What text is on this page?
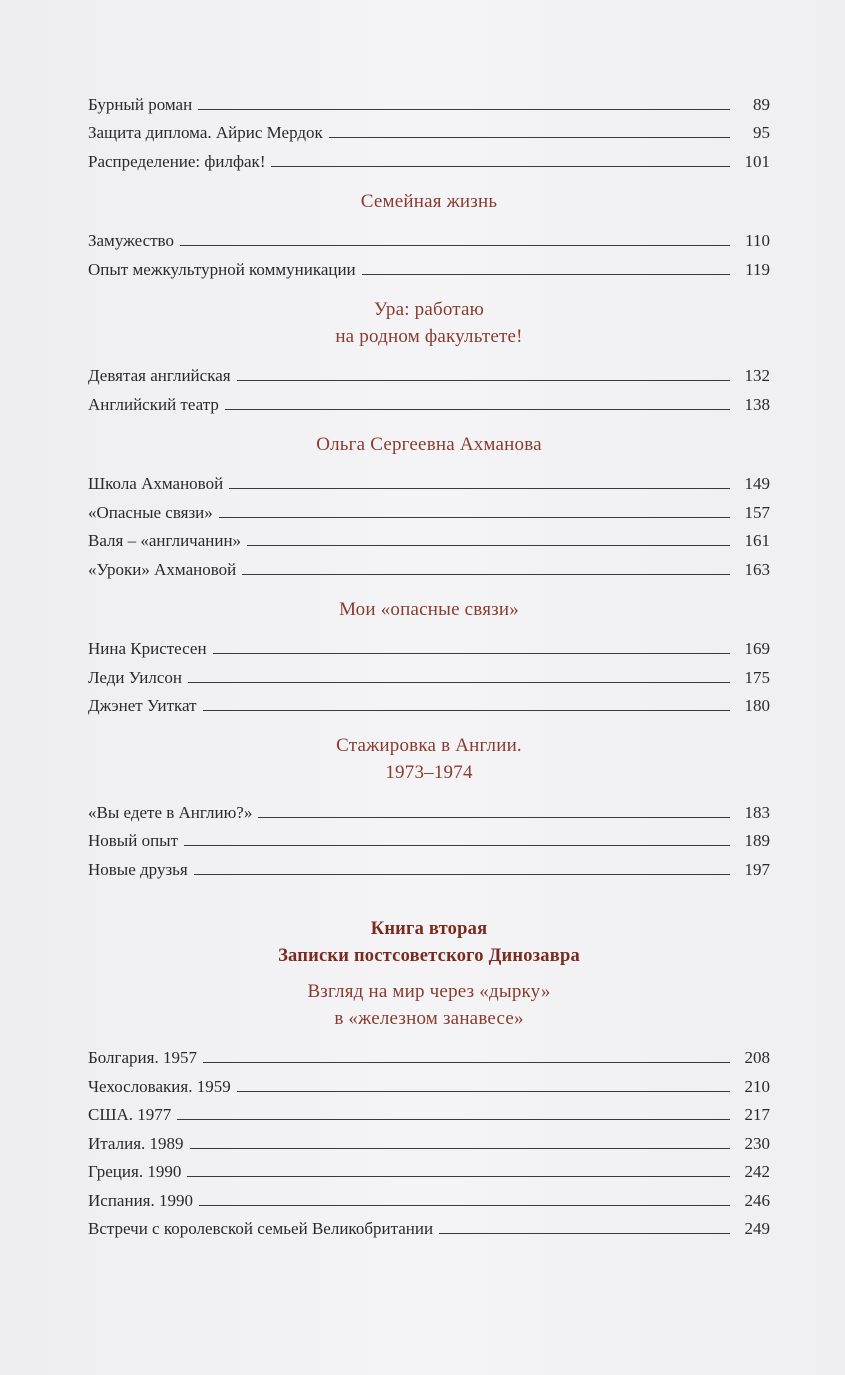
Бурный роман	89
Защита диплома. Айрис Мердок	95
Распределение: филфак!	101
Семейная жизнь
Замужество	110
Опыт межкультурной коммуникации	119
Ура: работаю
на родном факультете!
Девятая английская	132
Английский театр	138
Ольга Сергеевна Ахманова
Школа Ахмановой	149
«Опасные связи»	157
Валя – «англичанин»	161
«Уроки» Ахмановой	163
Мои «опасные связи»
Нина Кристесен	169
Леди Уилсон	175
Джэнет Уиткат	180
Стажировка в Англии.
1973–1974
«Вы едете в Англию?»	183
Новый опыт	189
Новые друзья	197
Книга вторая
Записки постсоветского Динозавра
Взгляд на мир через «дырку»
в «железном занавесе»
Болгария. 1957	208
Чехословакия. 1959	210
США. 1977	217
Италия. 1989	230
Греция. 1990	242
Испания. 1990	246
Встречи с королевской семьей Великобритании	249
